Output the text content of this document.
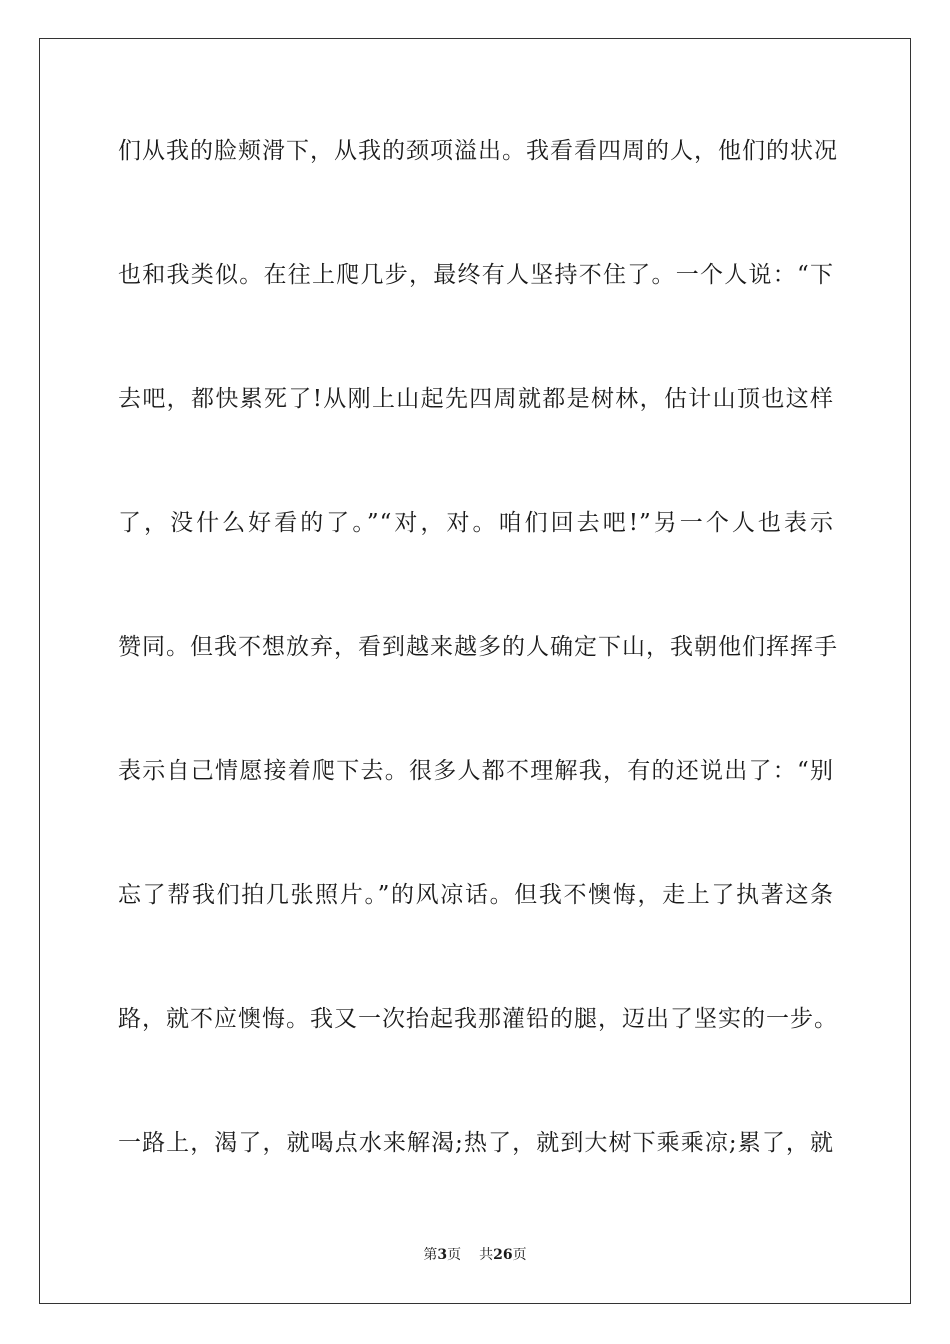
们从我的脸颊滑下，从我的颈项溢出。我看看四周的人，他们的状况
也和我类似。在往上爬几步，最终有人坚持不住了。一个人说：“下
去吧，都快累死了!从刚上山起先四周就都是树林，估计山顶也这样
了，没什么好看的了。”“对，对。咱们回去吧!”另一个人也表示
赞同。但我不想放弃，看到越来越多的人确定下山，我朝他们挥挥手
表示自己情愿接着爬下去。很多人都不理解我，有的还说出了：“别
忘了帮我们拍几张照片。”的风凉话。但我不懊悔，走上了执著这条
路，就不应懊悔。我又一次抬起我那灌铅的腿，迈出了坚实的一步。
一路上，渴了，就喝点水来解渴;热了，就到大树下乘乘凉;累了，就
第3页 共26页
